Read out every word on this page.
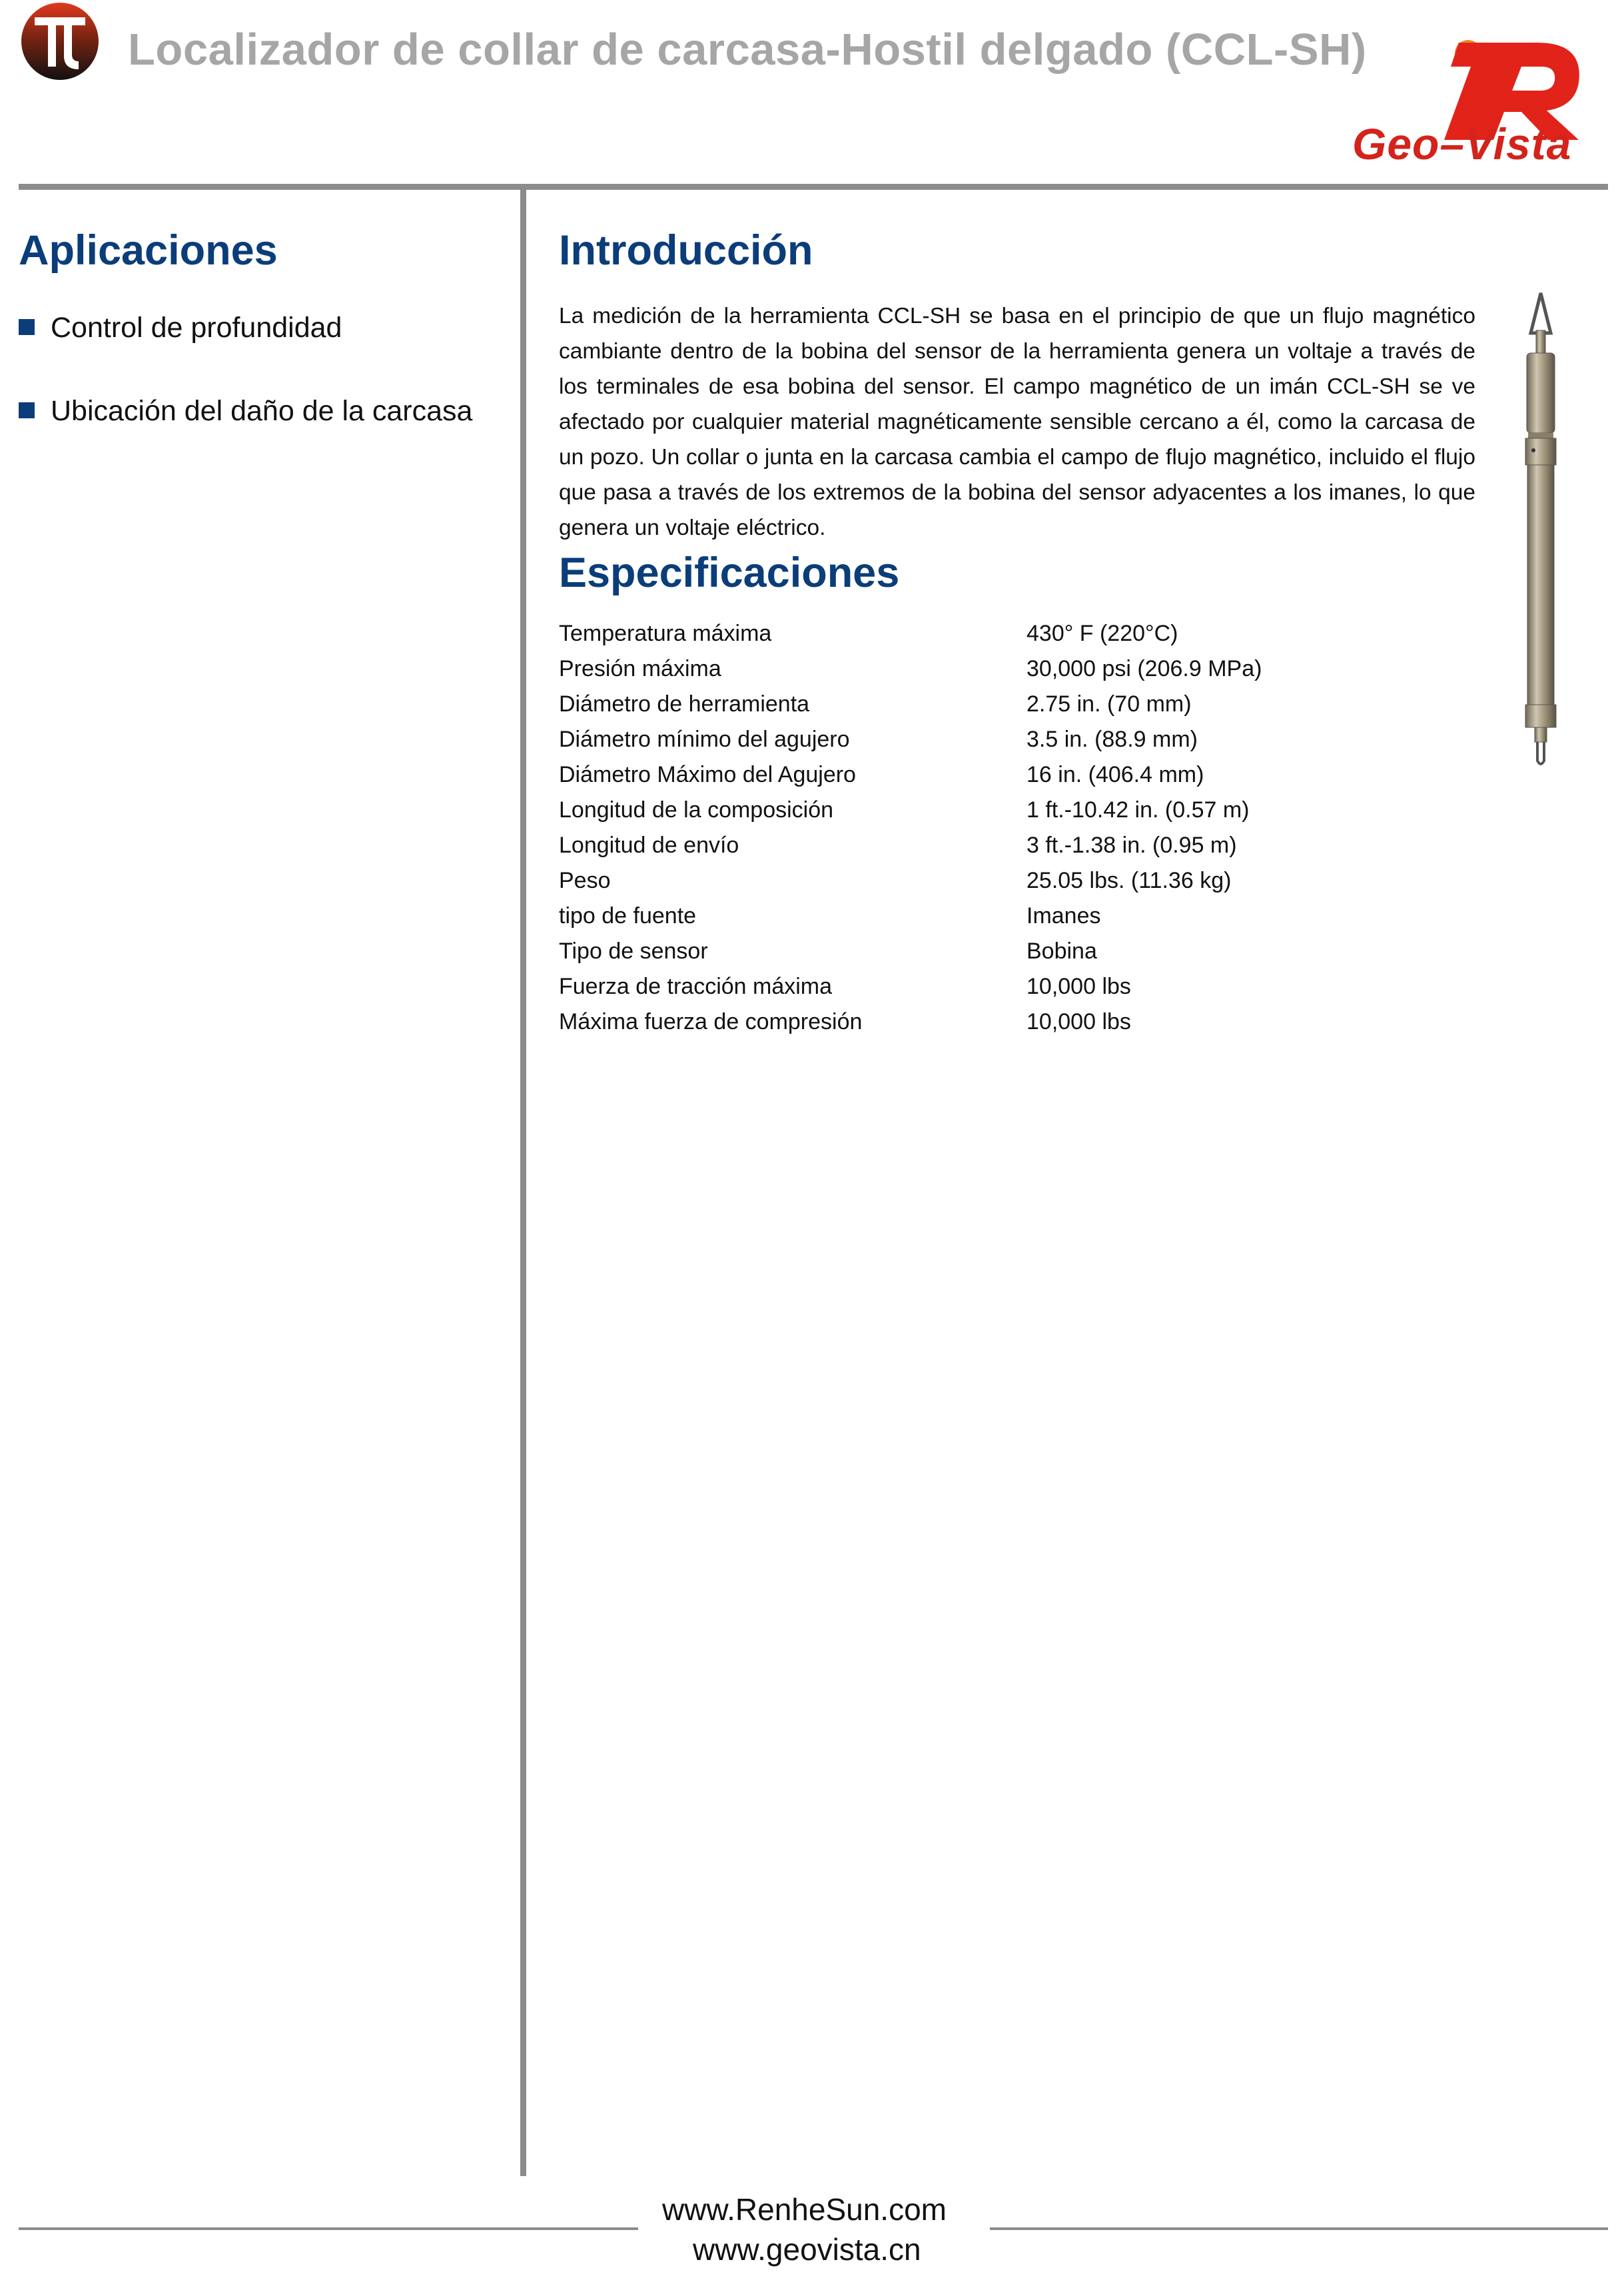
Localizador de collar de carcasa-Hostil delgado (CCL-SH)
Geo–Vista
Aplicaciones
Control de profundidad
Ubicación del daño de la carcasa
Introducción
La medición de la herramienta CCL-SH se basa en el principio de que un flujo magnético cambiante dentro de la bobina del sensor de la herramienta genera un voltaje a través de los terminales de esa bobina del sensor. El campo magnético de un imán CCL-SH se ve afectado por cualquier material magnéticamente sensible cercano a él, como la carcasa de un pozo. Un collar o junta en la carcasa cambia el campo de flujo magnético, incluido el flujo que pasa a través de los extremos de la bobina del sensor adyacentes a los imanes, lo que genera un voltaje eléctrico.
Especificaciones
Temperatura máxima	430° F (220°C)
Presión máxima	30,000 psi (206.9 MPa)
Diámetro de herramienta	2.75 in. (70 mm)
Diámetro mínimo del agujero	3.5 in. (88.9 mm)
Diámetro Máximo del Agujero	16 in. (406.4 mm)
Longitud de la composición	1 ft.-10.42 in. (0.57 m)
Longitud de envío	3 ft.-1.38 in. (0.95 m)
Peso	25.05 lbs. (11.36 kg)
tipo de fuente	Imanes
Tipo de sensor	Bobina
Fuerza de tracción máxima	10,000 lbs
Máxima fuerza de compresión	10,000 lbs
www.RenheSun.com
www.geovista.cn
